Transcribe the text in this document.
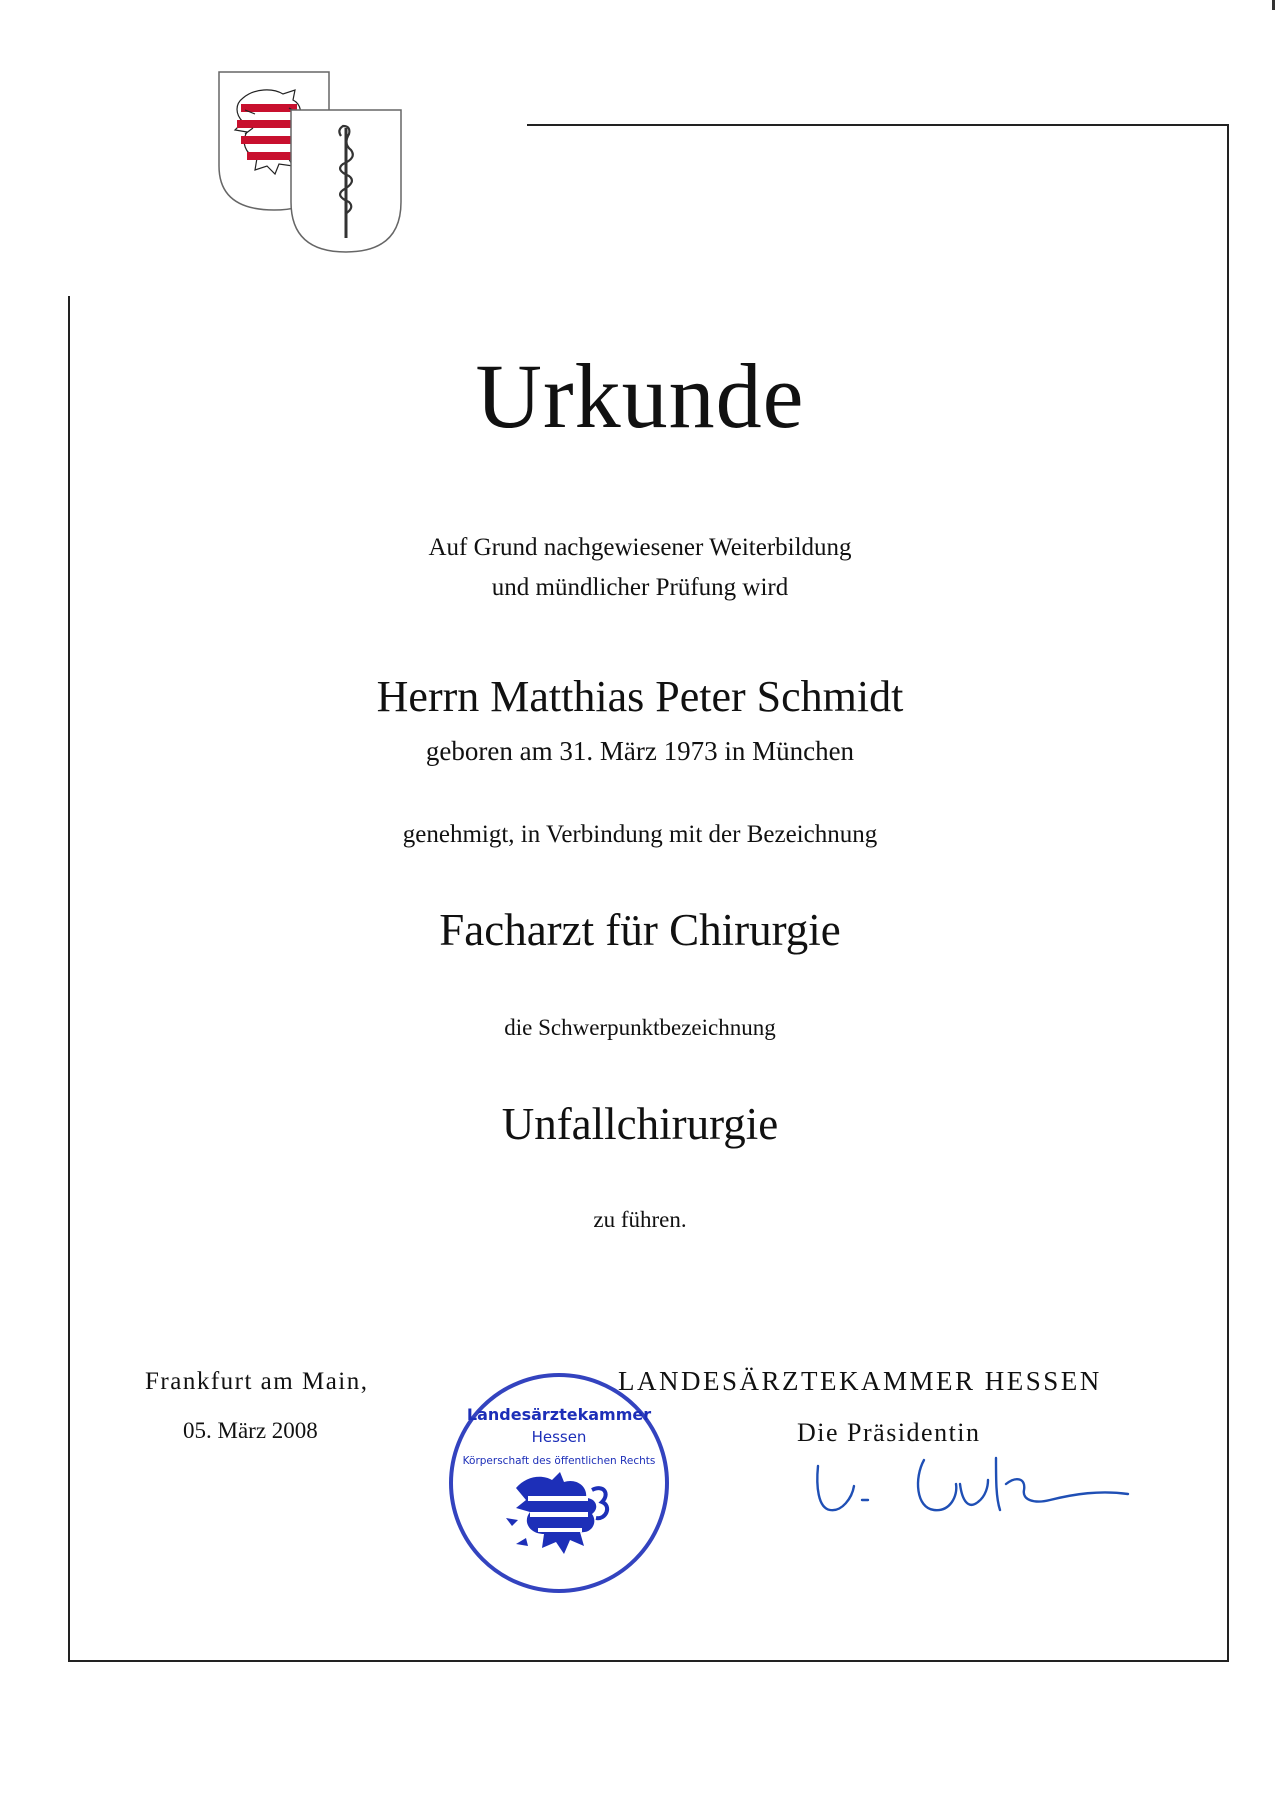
Urkunde
Auf Grund nachgewiesener Weiterbildung
und mündlicher Prüfung wird
Herrn Matthias Peter Schmidt
geboren am 31. März 1973 in München
genehmigt, in Verbindung mit der Bezeichnung
Facharzt für Chirurgie
die Schwerpunktbezeichnung
Unfallchirurgie
zu führen.
Frankfurt am Main,
05. März 2008
LANDESÄRZTEKAMMER HESSEN
Die Präsidentin
Landesärztekammer
Hessen
Körperschaft des öffentlichen Rechts
